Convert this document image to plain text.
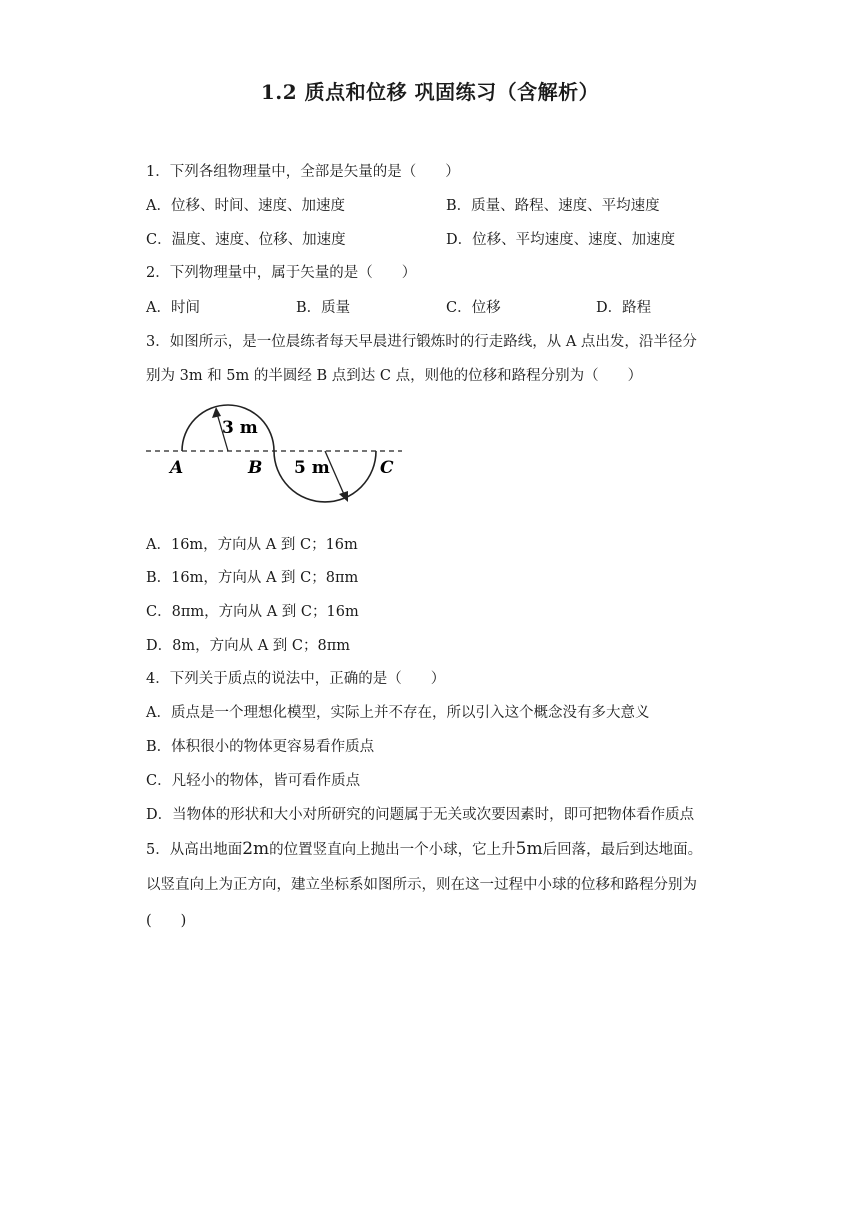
1.2 质点和位移 巩固练习（含解析）
1．下列各组物理量中，全部是矢量的是（　　）
A．位移、时间、速度、加速度	B．质量、路程、速度、平均速度
C．温度、速度、位移、加速度	D．位移、平均速度、速度、加速度
2．下列物理量中，属于矢量的是（　　）
A．时间	B．质量	C．位移	D．路程
3．如图所示，是一位晨练者每天早晨进行锻炼时的行走路线，从 A 点出发，沿半径分
别为 3m 和 5m 的半圆经 B 点到达 C 点，则他的位移和路程分别为（　　）
3 m
5 m
A	B	C
A．16m，方向从 A 到 C；16m
B．16m，方向从 A 到 C；8πm
C．8πm，方向从 A 到 C；16m
D．8m，方向从 A 到 C；8πm
4．下列关于质点的说法中，正确的是（　　）
A．质点是一个理想化模型，实际上并不存在，所以引入这个概念没有多大意义
B．体积很小的物体更容易看作质点
C．凡轻小的物体，皆可看作质点
D．当物体的形状和大小对所研究的问题属于无关或次要因素时，即可把物体看作质点
5．从高出地面2m的位置竖直向上抛出一个小球，它上升5m后回落，最后到达地面。
以竖直向上为正方向，建立坐标系如图所示，则在这一过程中小球的位移和路程分别为
(　　)
